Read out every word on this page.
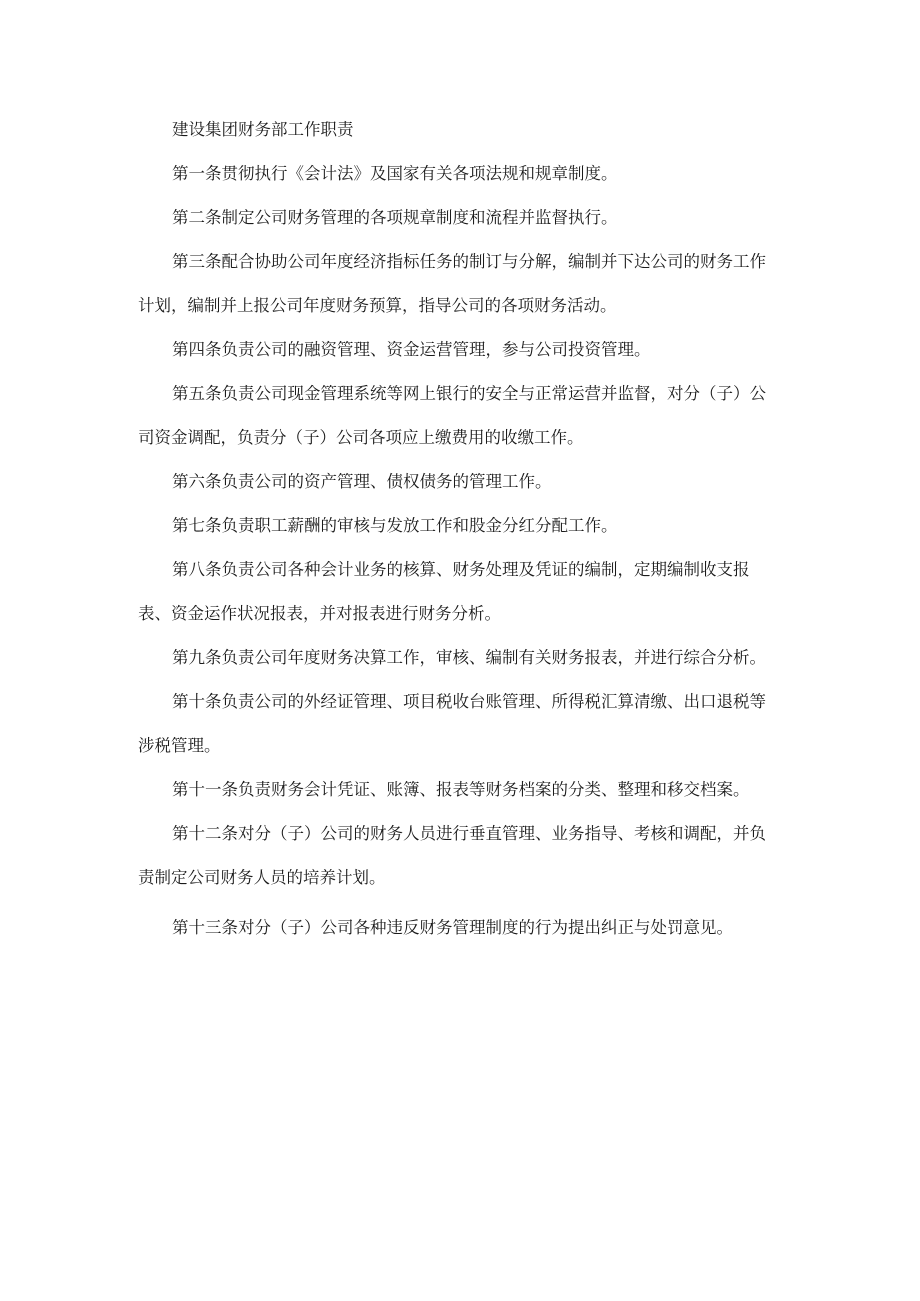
建设集团财务部工作职责

第一条贯彻执行《会计法》及国家有关各项法规和规章制度。

第二条制定公司财务管理的各项规章制度和流程并监督执行。

第三条配合协助公司年度经济指标任务的制订与分解，编制并下达公司的财务工作计划，编制并上报公司年度财务预算，指导公司的各项财务活动。

第四条负责公司的融资管理、资金运营管理，参与公司投资管理。

第五条负责公司现金管理系统等网上银行的安全与正常运营并监督，对分（子）公司资金调配，负责分（子）公司各项应上缴费用的收缴工作。

第六条负责公司的资产管理、债权债务的管理工作。

第七条负责职工薪酬的审核与发放工作和股金分红分配工作。

第八条负责公司各种会计业务的核算、财务处理及凭证的编制，定期编制收支报表、资金运作状况报表，并对报表进行财务分析。

第九条负责公司年度财务决算工作，审核、编制有关财务报表，并进行综合分析。

第十条负责公司的外经证管理、项目税收台账管理、所得税汇算清缴、出口退税等涉税管理。

第十一条负责财务会计凭证、账簿、报表等财务档案的分类、整理和移交档案。

第十二条对分（子）公司的财务人员进行垂直管理、业务指导、考核和调配，并负责制定公司财务人员的培养计划。

第十三条对分（子）公司各种违反财务管理制度的行为提出纠正与处罚意见。
